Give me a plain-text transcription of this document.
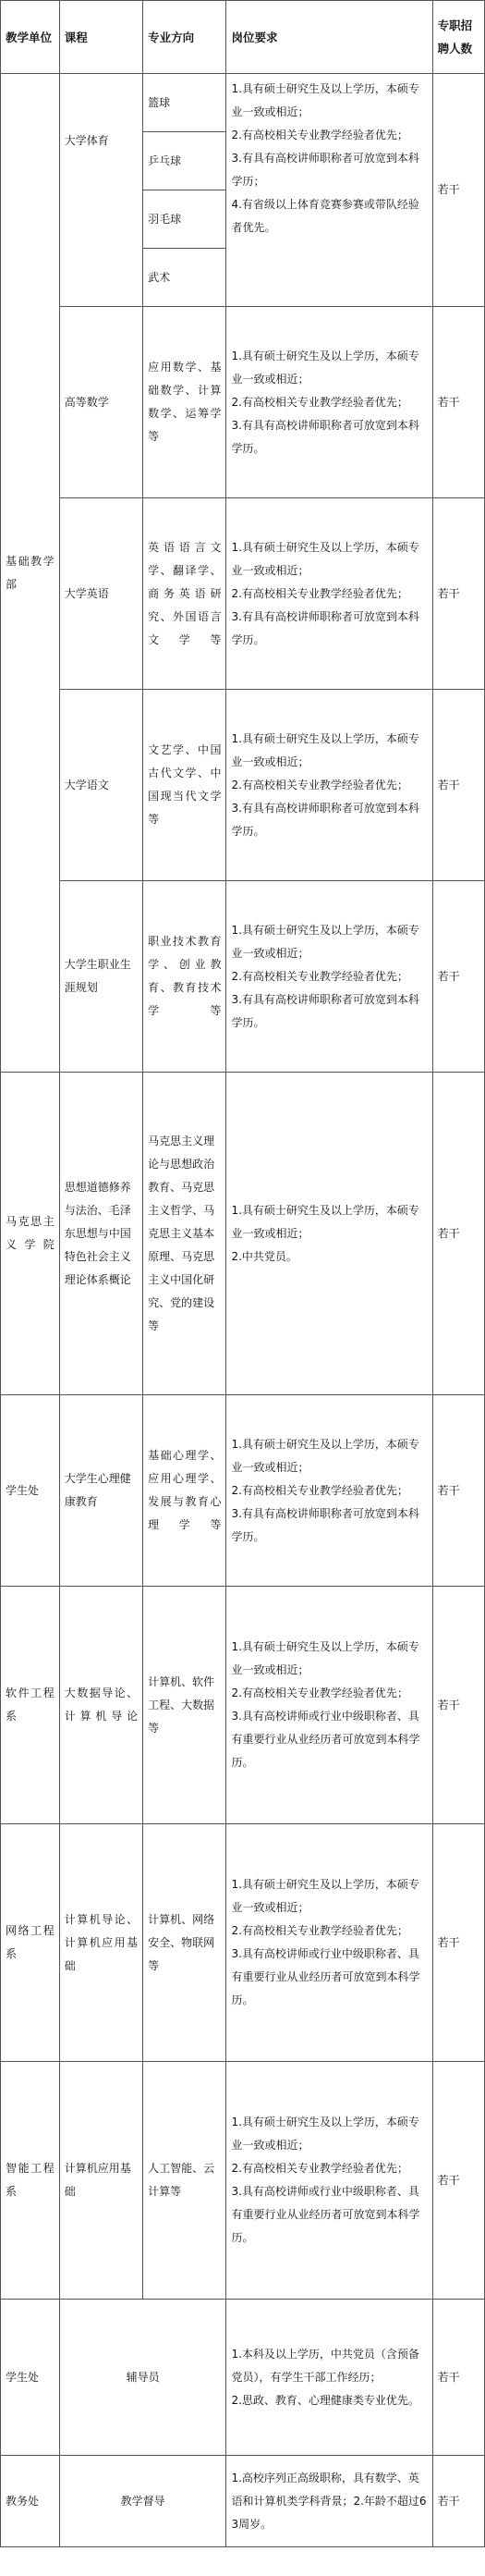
教学单位	课程	专业方向	岗位要求	专职招聘人数
基础教学部	大学体育	篮球	1.具有硕士研究生及以上学历，本硕专业一致或相近；

2.有高校相关专业教学经验者优先；

3.有具有高校讲师职称者可放宽到本科学历；

4.有省级以上体育竞赛参赛或带队经验者优先。	若干
		乒乓球		
		羽毛球		
		武术		
	高等数学	应用数学、基础数学、计算数学、运筹学等	1.具有硕士研究生及以上学历，本硕专业一致或相近；

2.有高校相关专业教学经验者优先；

3.有具有高校讲师职称者可放宽到本科学历。	若干
	大学英语	英语语言文学、翻译学、商务英语研究、外国语言文学等	1.具有硕士研究生及以上学历，本硕专业一致或相近；

2.有高校相关专业教学经验者优先；

3.有具有高校讲师职称者可放宽到本科学历。	若干
	大学语文	文艺学、中国古代文学、中国现当代文学等	1.具有硕士研究生及以上学历，本硕专业一致或相近；

2.有高校相关专业教学经验者优先；

3.有具有高校讲师职称者可放宽到本科学历。	若干
	大学生职业生涯规划	职业技术教育学、创业教育、教育技术学等	1.具有硕士研究生及以上学历，本硕专业一致或相近；

2.有高校相关专业教学经验者优先；

3.有具有高校讲师职称者可放宽到本科学历。	若干
马克思主义学院	思想道德修养与法治、毛泽东思想与中国特色社会主义理论体系概论	马克思主义理论与思想政治教育、马克思主义哲学、马克思主义基本原理、马克思主义中国化研究、党的建设等	1.具有硕士研究生及以上学历，本硕专业一致或相近；

2.中共党员。	若干
学生处	大学生心理健康教育	基础心理学、应用心理学、发展与教育心理学等	1.具有硕士研究生及以上学历，本硕专业一致或相近；

2.有高校相关专业教学经验者优先；

3.有具有高校讲师职称者可放宽到本科学历。	若干
软件工程系	大数据导论、计算机导论	计算机、软件工程、大数据等	1.具有硕士研究生及以上学历，本硕专业一致或相近；

2.有高校相关专业教学经验者优先；

3.具有高校讲师或行业中级职称者、具有重要行业从业经历者可放宽到本科学历。	若干
网络工程系	计算机导论、计算机应用基础	计算机、网络安全、物联网等	1.具有硕士研究生及以上学历，本硕专业一致或相近；

2.有高校相关专业教学经验者优先；

3.具有高校讲师或行业中级职称者、具有重要行业从业经历者可放宽到本科学历。	若干
智能工程系	计算机应用基础	人工智能、云计算等	1.具有硕士研究生及以上学历，本硕专业一致或相近；

2.有高校相关专业教学经验者优先；

3.具有高校讲师或行业中级职称者、具有重要行业从业经历者可放宽到本科学历。	若干
学生处	辅导员		1.本科及以上学历，中共党员（含预备党员），有学生干部工作经历；

2.思政、教育、心理健康类专业优先。	若干
教务处	教学督导		1.高校序列正高级职称，具有数学、英语和计算机类学科背景；2.年龄不超过63周岁。	若干
